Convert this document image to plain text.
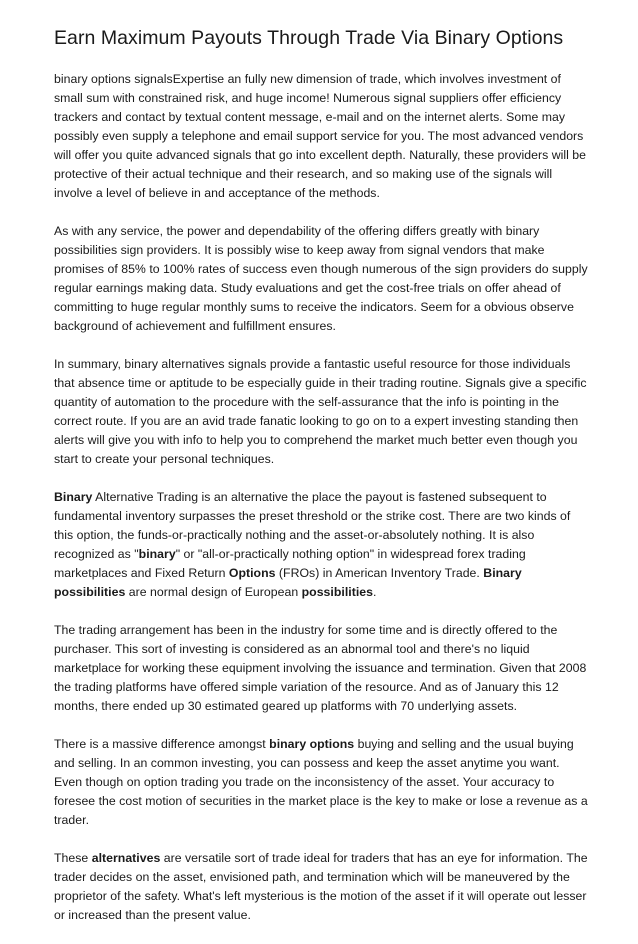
Earn Maximum Payouts Through Trade Via Binary Options

binary options signalsExpertise an fully new dimension of trade, which involves investment of small sum with constrained risk, and huge income! Numerous signal suppliers offer efficiency trackers and contact by textual content message, e-mail and on the internet alerts. Some may possibly even supply a telephone and email support service for you. The most advanced vendors will offer you quite advanced signals that go into excellent depth. Naturally, these providers will be protective of their actual technique and their research, and so making use of the signals will involve a level of believe in and acceptance of the methods.

As with any service, the power and dependability of the offering differs greatly with binary possibilities sign providers. It is possibly wise to keep away from signal vendors that make promises of 85% to 100% rates of success even though numerous of the sign providers do supply regular earnings making data. Study evaluations and get the cost-free trials on offer ahead of committing to huge regular monthly sums to receive the indicators. Seem for a obvious observe background of achievement and fulfillment ensures.

In summary, binary alternatives signals provide a fantastic useful resource for those individuals that absence time or aptitude to be especially guide in their trading routine. Signals give a specific quantity of automation to the procedure with the self-assurance that the info is pointing in the correct route. If you are an avid trade fanatic looking to go on to a expert investing standing then alerts will give you with info to help you to comprehend the market much better even though you start to create your personal techniques.

Binary Alternative Trading is an alternative the place the payout is fastened subsequent to fundamental inventory surpasses the preset threshold or the strike cost. There are two kinds of this option, the funds-or-practically nothing and the asset-or-absolutely nothing. It is also recognized as "binary" or "all-or-practically nothing option" in widespread forex trading marketplaces and Fixed Return Options (FROs) in American Inventory Trade. Binary possibilities are normal design of European possibilities.

The trading arrangement has been in the industry for some time and is directly offered to the purchaser. This sort of investing is considered as an abnormal tool and there's no liquid marketplace for working these equipment involving the issuance and termination. Given that 2008 the trading platforms have offered simple variation of the resource. And as of January this 12 months, there ended up 30 estimated geared up platforms with 70 underlying assets.

There is a massive difference amongst binary options buying and selling and the usual buying and selling. In an common investing, you can possess and keep the asset anytime you want. Even though on option trading you trade on the inconsistency of the asset. Your accuracy to foresee the cost motion of securities in the market place is the key to make or lose a revenue as a trader.

These alternatives are versatile sort of trade ideal for traders that has an eye for information. The trader decides on the asset, envisioned path, and termination which will be maneuvered by the proprietor of the safety. What's left mysterious is the motion of the asset if it will operate out lesser or increased than the present value.
